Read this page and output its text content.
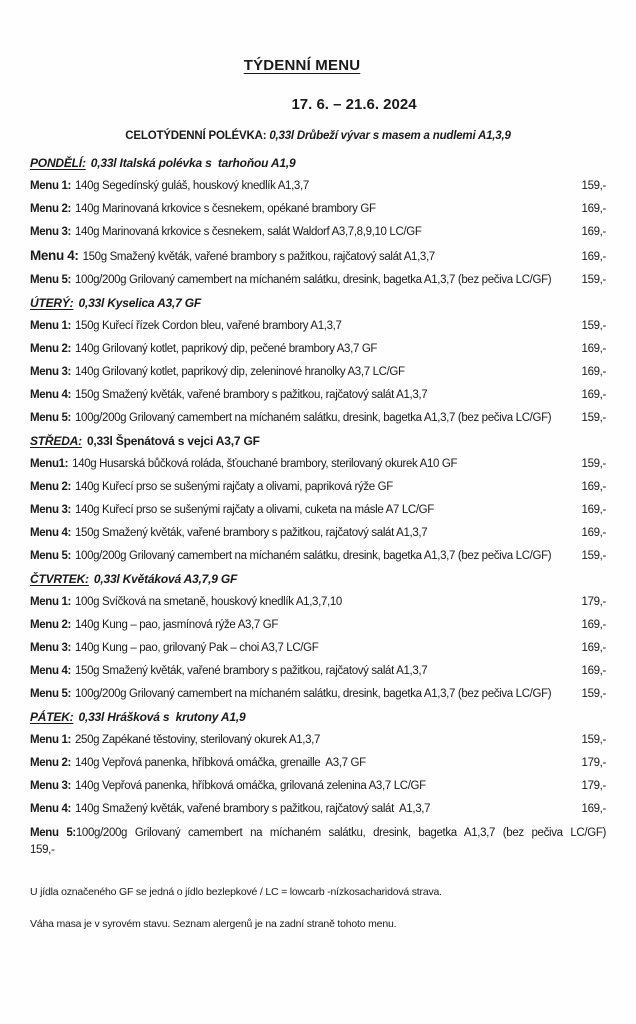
TÝDENNÍ MENU
17. 6. – 21.6. 2024
CELOTÝDENNÍ POLÉVKA: 0,33l Drůbeží vývar s masem a nudlemi A1,3,9
PONDĚLÍ: 0,33l Italská polévka s  tarhoňou A1,9
Menu 1: 140g Segedínský guláš, houskový knedlík A1,3,7	159,-
Menu 2: 140g Marinovaná krkovice s česnekem, opékané brambory GF	169,-
Menu 3: 140g Marinovaná krkovice s česnekem, salát Waldorf A3,7,8,9,10 LC/GF	169,-
Menu 4: 150g Smažený květák, vařené brambory s pažitkou, rajčatový salát A1,3,7	169,-
Menu 5: 100g/200g Grilovaný camembert na míchaném salátku, dresink, bagetka A1,3,7 (bez pečiva LC/GF)	159,-
ÚTERÝ: 0,33l Kyselica A3,7 GF
Menu 1: 150g Kuřecí řízek Cordon bleu, vařené brambory A1,3,7	159,-
Menu 2: 140g Grilovaný kotlet, paprikový dip, pečené brambory A3,7 GF	169,-
Menu 3: 140g Grilovaný kotlet, paprikový dip, zeleninové hranolky A3,7 LC/GF	169,-
Menu 4: 150g Smažený květák, vařené brambory s pažitkou, rajčatový salát A1,3,7	169,-
Menu 5: 100g/200g Grilovaný camembert na míchaném salátku, dresink, bagetka A1,3,7 (bez pečiva LC/GF)	159,-
STŘEDA: 0,33l Špenátová s vejci A3,7 GF
Menu1: 140g Husarská bůčková roláda, šťouchané brambory, sterilovaný okurek A10 GF	159,-
Menu 2: 140g Kuřecí prso se sušenými rajčaty a olivami, papriková rýže GF	169,-
Menu 3: 140g Kuřecí prso se sušenými rajčaty a olivami, cuketa na másle A7 LC/GF	169,-
Menu 4: 150g Smažený květák, vařené brambory s pažitkou, rajčatový salát A1,3,7	169,-
Menu 5: 100g/200g Grilovaný camembert na míchaném salátku, dresink, bagetka A1,3,7 (bez pečiva LC/GF)	159,-
ČTVRTEK: 0,33l Květáková A3,7,9 GF
Menu 1: 100g Svíčková na smetaně, houskový knedlík A1,3,7,10	179,-
Menu 2: 140g Kung – pao, jasmínová rýže A3,7 GF	169,-
Menu 3: 140g Kung – pao, grilovaný Pak – choi A3,7 LC/GF	169,-
Menu 4: 150g Smažený květák, vařené brambory s pažitkou, rajčatový salát A1,3,7	169,-
Menu 5: 100g/200g Grilovaný camembert na míchaném salátku, dresink, bagetka A1,3,7 (bez pečiva LC/GF)	159,-
PÁTEK: 0,33l Hrášková s  krutony A1,9
Menu 1: 250g Zapékané těstoviny, sterilovaný okurek A1,3,7	159,-
Menu 2: 140g Vepřová panenka, hříbková omáčka, grenaille  A3,7 GF	179,-
Menu 3: 140g Vepřová panenka, hříbková omáčka, grilovaná zelenina A3,7 LC/GF	179,-
Menu 4: 140g Smažený květák, vařené brambory s pažitkou, rajčatový salát  A1,3,7	169,-
Menu 5:100g/200g Grilovaný camembert na míchaném salátku, dresink, bagetka A1,3,7 (bez pečiva LC/GF) 159,-

U jídla označeného GF se jedná o jídlo bezlepkové / LC = lowcarb -nízkosacharidová strava.

Váha masa je v syrovém stavu. Seznam alergenů je na zadní straně tohoto menu.
